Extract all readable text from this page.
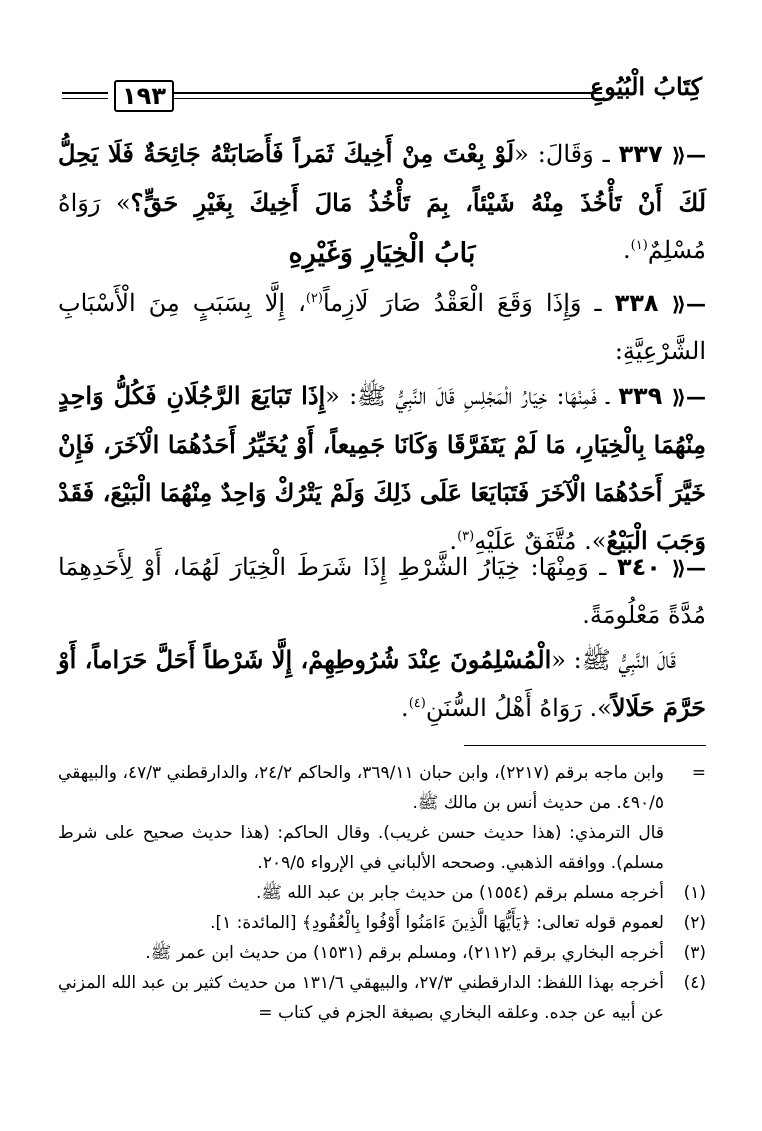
كِتَابُ الْبُيُوعِ
١٩٣

—⟪ ٣٣٧ ـ وَقَالَ: «لَوْ بِعْتَ مِنْ أَخِيكَ ثَمَراً فَأَصَابَتْهُ جَائِحَةٌ فَلَا يَحِلُّ لَكَ أَنْ تَأْخُذَ مِنْهُ شَيْئاً، بِمَ تَأْخُذُ مَالَ أَخِيكَ بِغَيْرِ حَقٍّ؟» رَوَاهُ مُسْلِمٌ$^{(١)}$.

بَابُ الْخِيَارِ وَغَيْرِهِ

—⟪ ٣٣٨ ـ وَإِذَا وَقَعَ الْعَقْدُ صَارَ لَازِماً$^{(٢)}$، إِلَّا بِسَبَبٍ مِنَ الْأَسْبَابِ الشَّرْعِيَّةِ:

—⟪ ٣٣٩ ـ فَمِنْهَا: خِيَارُ الْمَجْلِسِ قَالَ النَّبِيُّ ﷺ: «إِذَا تَبَايَعَ الرَّجُلَانِ فَكُلُّ وَاحِدٍ مِنْهُمَا بِالْخِيَارِ، مَا لَمْ يَتَفَرَّقَا وَكَانَا جَمِيعاً، أَوْ يُخَيِّرُ أَحَدُهُمَا الْآخَرَ، فَإِنْ خَيَّرَ أَحَدُهُمَا الْآخَرَ فَتَبَايَعَا عَلَى ذَلِكَ وَلَمْ يَتْرُكْ وَاحِدٌ مِنْهُمَا الْبَيْعَ، فَقَدْ وَجَبَ الْبَيْعُ». مُتَّفَقٌ عَلَيْهِ$^{(٣)}$.

—⟪ ٣٤٠ ـ وَمِنْهَا: خِيَارُ الشَّرْطِ إِذَا شَرَطَ الْخِيَارَ لَهُمَا، أَوْ لِأَحَدِهِمَا مُدَّةً مَعْلُومَةً.

قَالَ النَّبِيُّ ﷺ: «الْمُسْلِمُونَ عِنْدَ شُرُوطِهِمْ، إِلَّا شَرْطاً أَحَلَّ حَرَاماً، أَوْ حَرَّمَ حَلَالاً». رَوَاهُ أَهْلُ السُّنَنِ$^{(٤)}$.

=
وابن ماجه برقم (٢٢١٧)، وابن حبان ٣٦٩/١١، والحاكم ٢٤/٢، والدارقطني ٤٧/٣، والبيهقي ٤٩٠/٥. من حديث أنس بن مالك ﷺ.
قال الترمذي: (هذا حديث حسن غريب). وقال الحاكم: (هذا حديث صحيح على شرط مسلم). ووافقه الذهبي. وصححه الألباني في الإرواء ٢٠٩/٥.
(١)
أخرجه مسلم برقم (١٥٥٤) من حديث جابر بن عبد الله ﷺ.
(٢)
لعموم قوله تعالى: ﴿يَأَيُّهَا الَّذِينَ ءَامَنُوا أَوْفُوا بِالْعُقُودِ﴾ [المائدة: ١].
(٣)
أخرجه البخاري برقم (٢١١٢)، ومسلم برقم (١٥٣١) من حديث ابن عمر ﷺ.
(٤)
أخرجه بهذا اللفظ: الدارقطني ٢٧/٣، والبيهقي ١٣١/٦ من حديث كثير بن عبد الله المزني عن أبيه عن جده. وعلقه البخاري بصيغة الجزم في كتاب =
